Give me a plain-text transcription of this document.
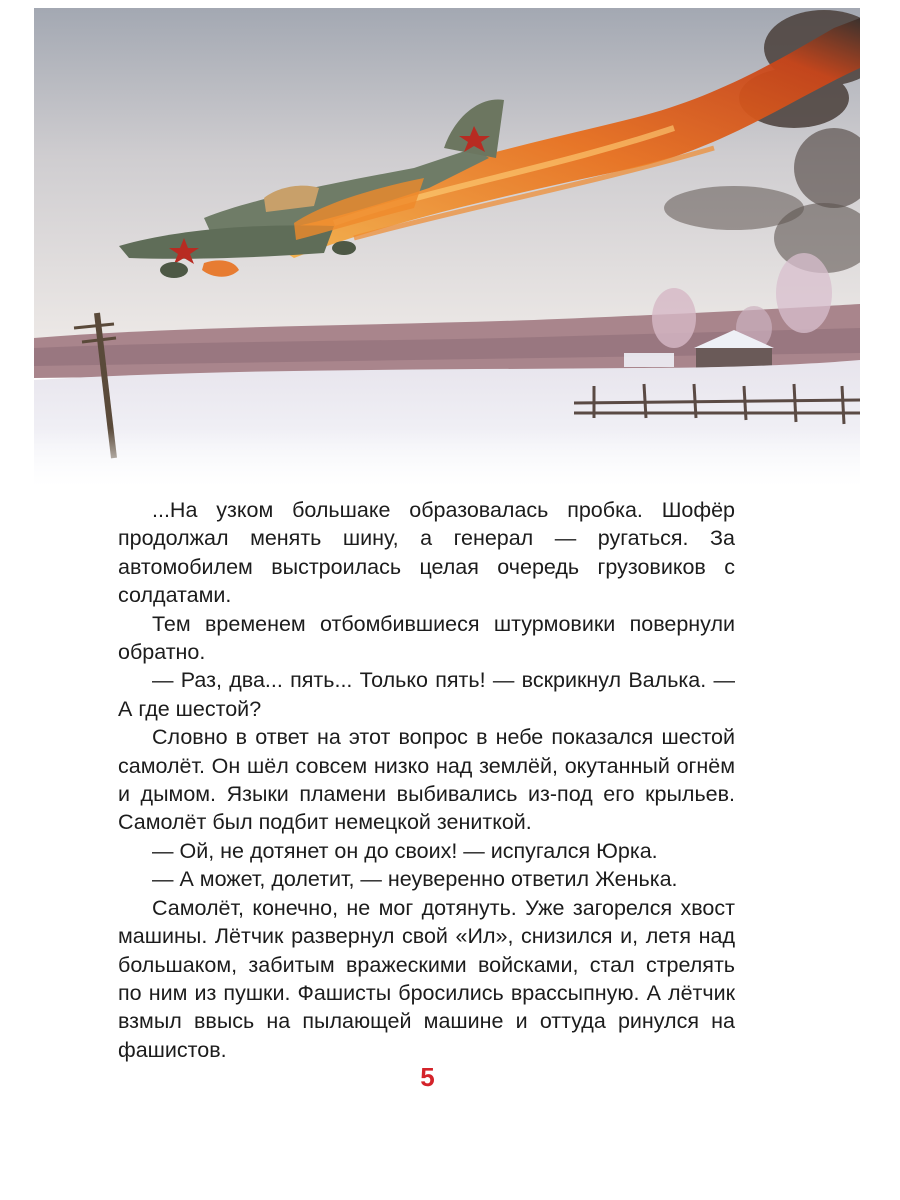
...На узком большаке образовалась пробка. Шофёр продолжал менять шину, а генерал — ругаться. За автомобилем выстроилась целая очередь грузовиков с солдатами.

Тем временем отбомбившиеся штурмовики повернули обратно.

— Раз, два... пять... Только пять! — вскрикнул Валька. — А где шестой?

Словно в ответ на этот вопрос в небе показался шестой самолёт. Он шёл совсем низко над землёй, окутанный огнём и дымом. Языки пламени выбивались из-под его крыльев. Самолёт был подбит немецкой зениткой.

— Ой, не дотянет он до своих! — испугался Юрка.

— А может, долетит, — неуверенно ответил Женька.

Самолёт, конечно, не мог дотянуть. Уже загорелся хвост машины. Лётчик развернул свой «Ил», снизился и, летя над большаком, забитым вражескими войсками, стал стрелять по ним из пушки. Фашисты бросились врассыпную. А лётчик взмыл ввысь на пылающей машине и оттуда ринулся на фашистов.

5
